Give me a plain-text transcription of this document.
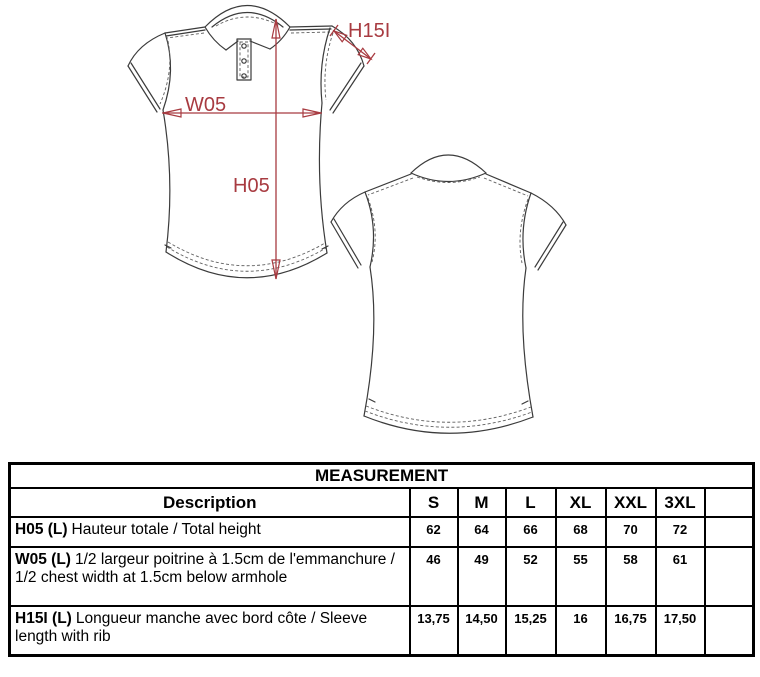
W05
H05
H15I
MEASUREMENT							
Description	S	M	L	XL	XXL	3XL	
H05 (L) Hauteur totale / Total height	62	64	66	68	70	72	
W05 (L) 1/2 largeur poitrine à 1.5cm de l'emmanchure / 1/2 chest width at 1.5cm below armhole	46	49	52	55	58	61	
H15I (L) Longueur manche avec bord côte / Sleeve length with rib	13,75	14,50	15,25	16	16,75	17,50	
